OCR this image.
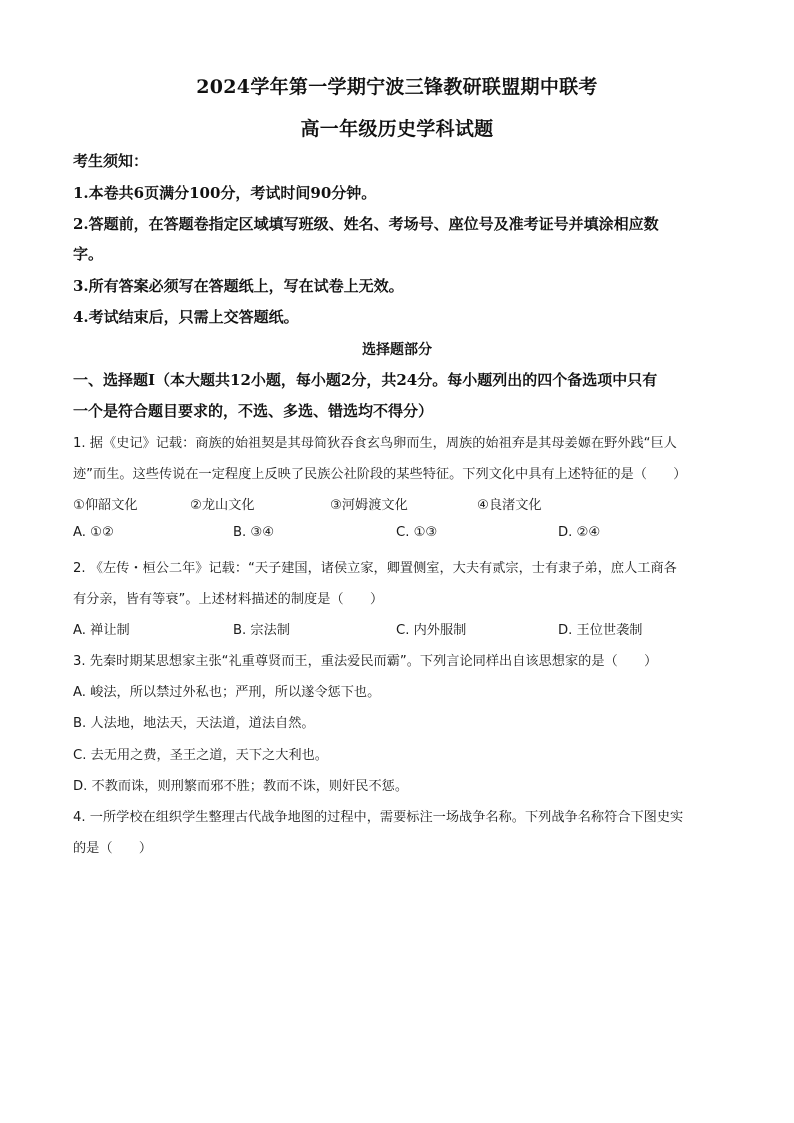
2024学年第一学期宁波三锋教研联盟期中联考
高一年级历史学科试题
考生须知：
1.本卷共6页满分100分，考试时间90分钟。
2.答题前，在答题卷指定区域填写班级、姓名、考场号、座位号及准考证号并填涂相应数
字。
3.所有答案必须写在答题纸上，写在试卷上无效。
4.考试结束后，只需上交答题纸。
选择题部分
一、选择题Ⅰ（本大题共12小题，每小题2分，共24分。每小题列出的四个备选项中只有
一个是符合题目要求的，不选、多选、错选均不得分）
1. 据《史记》记载：商族的始祖契是其母简狄吞食玄鸟卵而生，周族的始祖弃是其母姜嫄在野外践“巨人
迹”而生。这些传说在一定程度上反映了民族公社阶段的某些特征。下列文化中具有上述特征的是（　　）
①仰韶文化	②龙山文化	③河姆渡文化	④良渚文化
A. ①②	B. ③④	C. ①③	D. ②④
2. 《左传・桓公二年》记载：“天子建国，诸侯立家，卿置侧室，大夫有贰宗，士有隶子弟，庶人工商各
有分亲，皆有等衰”。上述材料描述的制度是（　　）
A. 禅让制	B. 宗法制	C. 内外服制	D. 王位世袭制
3. 先秦时期某思想家主张“礼重尊贤而王，重法爱民而霸”。下列言论同样出自该思想家的是（　　）
A. 峻法，所以禁过外私也；严刑，所以遂令惩下也。
B. 人法地，地法天，天法道，道法自然。
C. 去无用之费，圣王之道，天下之大利也。
D. 不教而诛，则刑繁而邪不胜；教而不诛，则奸民不惩。
4. 一所学校在组织学生整理古代战争地图的过程中，需要标注一场战争名称。下列战争名称符合下图史实
的是（　　）
